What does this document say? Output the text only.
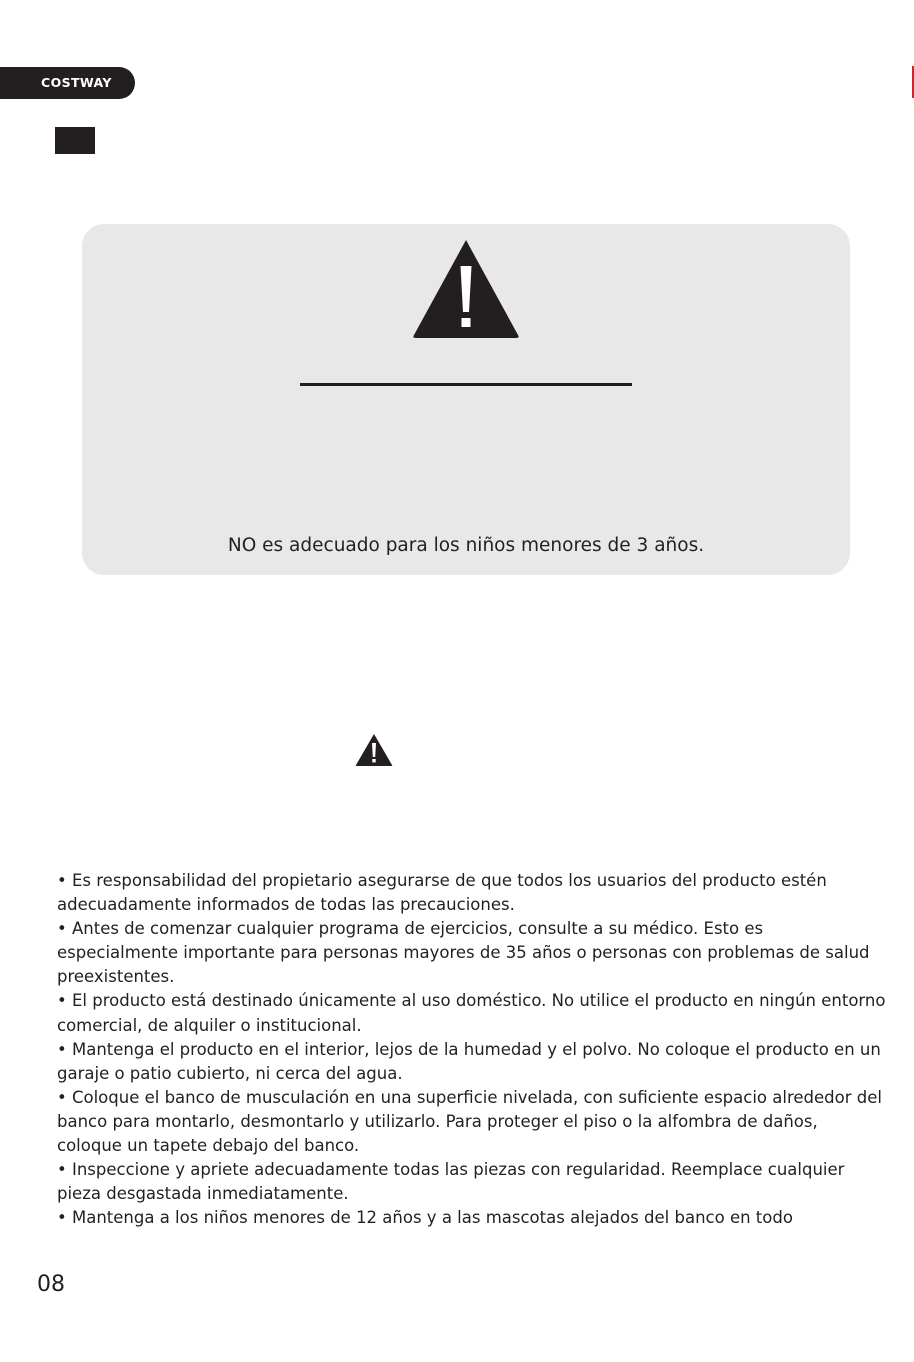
COSTWAY
NO es adecuado para los niños menores de 3 años.
• Es responsabilidad del propietario asegurarse de que todos los usuarios del producto estén adecuadamente informados de todas las precauciones.
• Antes de comenzar cualquier programa de ejercicios, consulte a su médico. Esto es especialmente importante para personas mayores de 35 años o personas con problemas de salud preexistentes.
• El producto está destinado únicamente al uso doméstico. No utilice el producto en ningún entorno comercial, de alquiler o institucional.
• Mantenga el producto en el interior, lejos de la humedad y el polvo. No coloque el producto en un garaje o patio cubierto, ni cerca del agua.
• Coloque el banco de musculación en una superficie nivelada, con suficiente espacio alrededor del banco para montarlo, desmontarlo y utilizarlo. Para proteger el piso o la alfombra de daños, coloque un tapete debajo del banco.
• Inspeccione y apriete adecuadamente todas las piezas con regularidad. Reemplace cualquier pieza desgastada inmediatamente.
• Mantenga a los niños menores de 12 años y a las mascotas alejados del banco en todo
08
